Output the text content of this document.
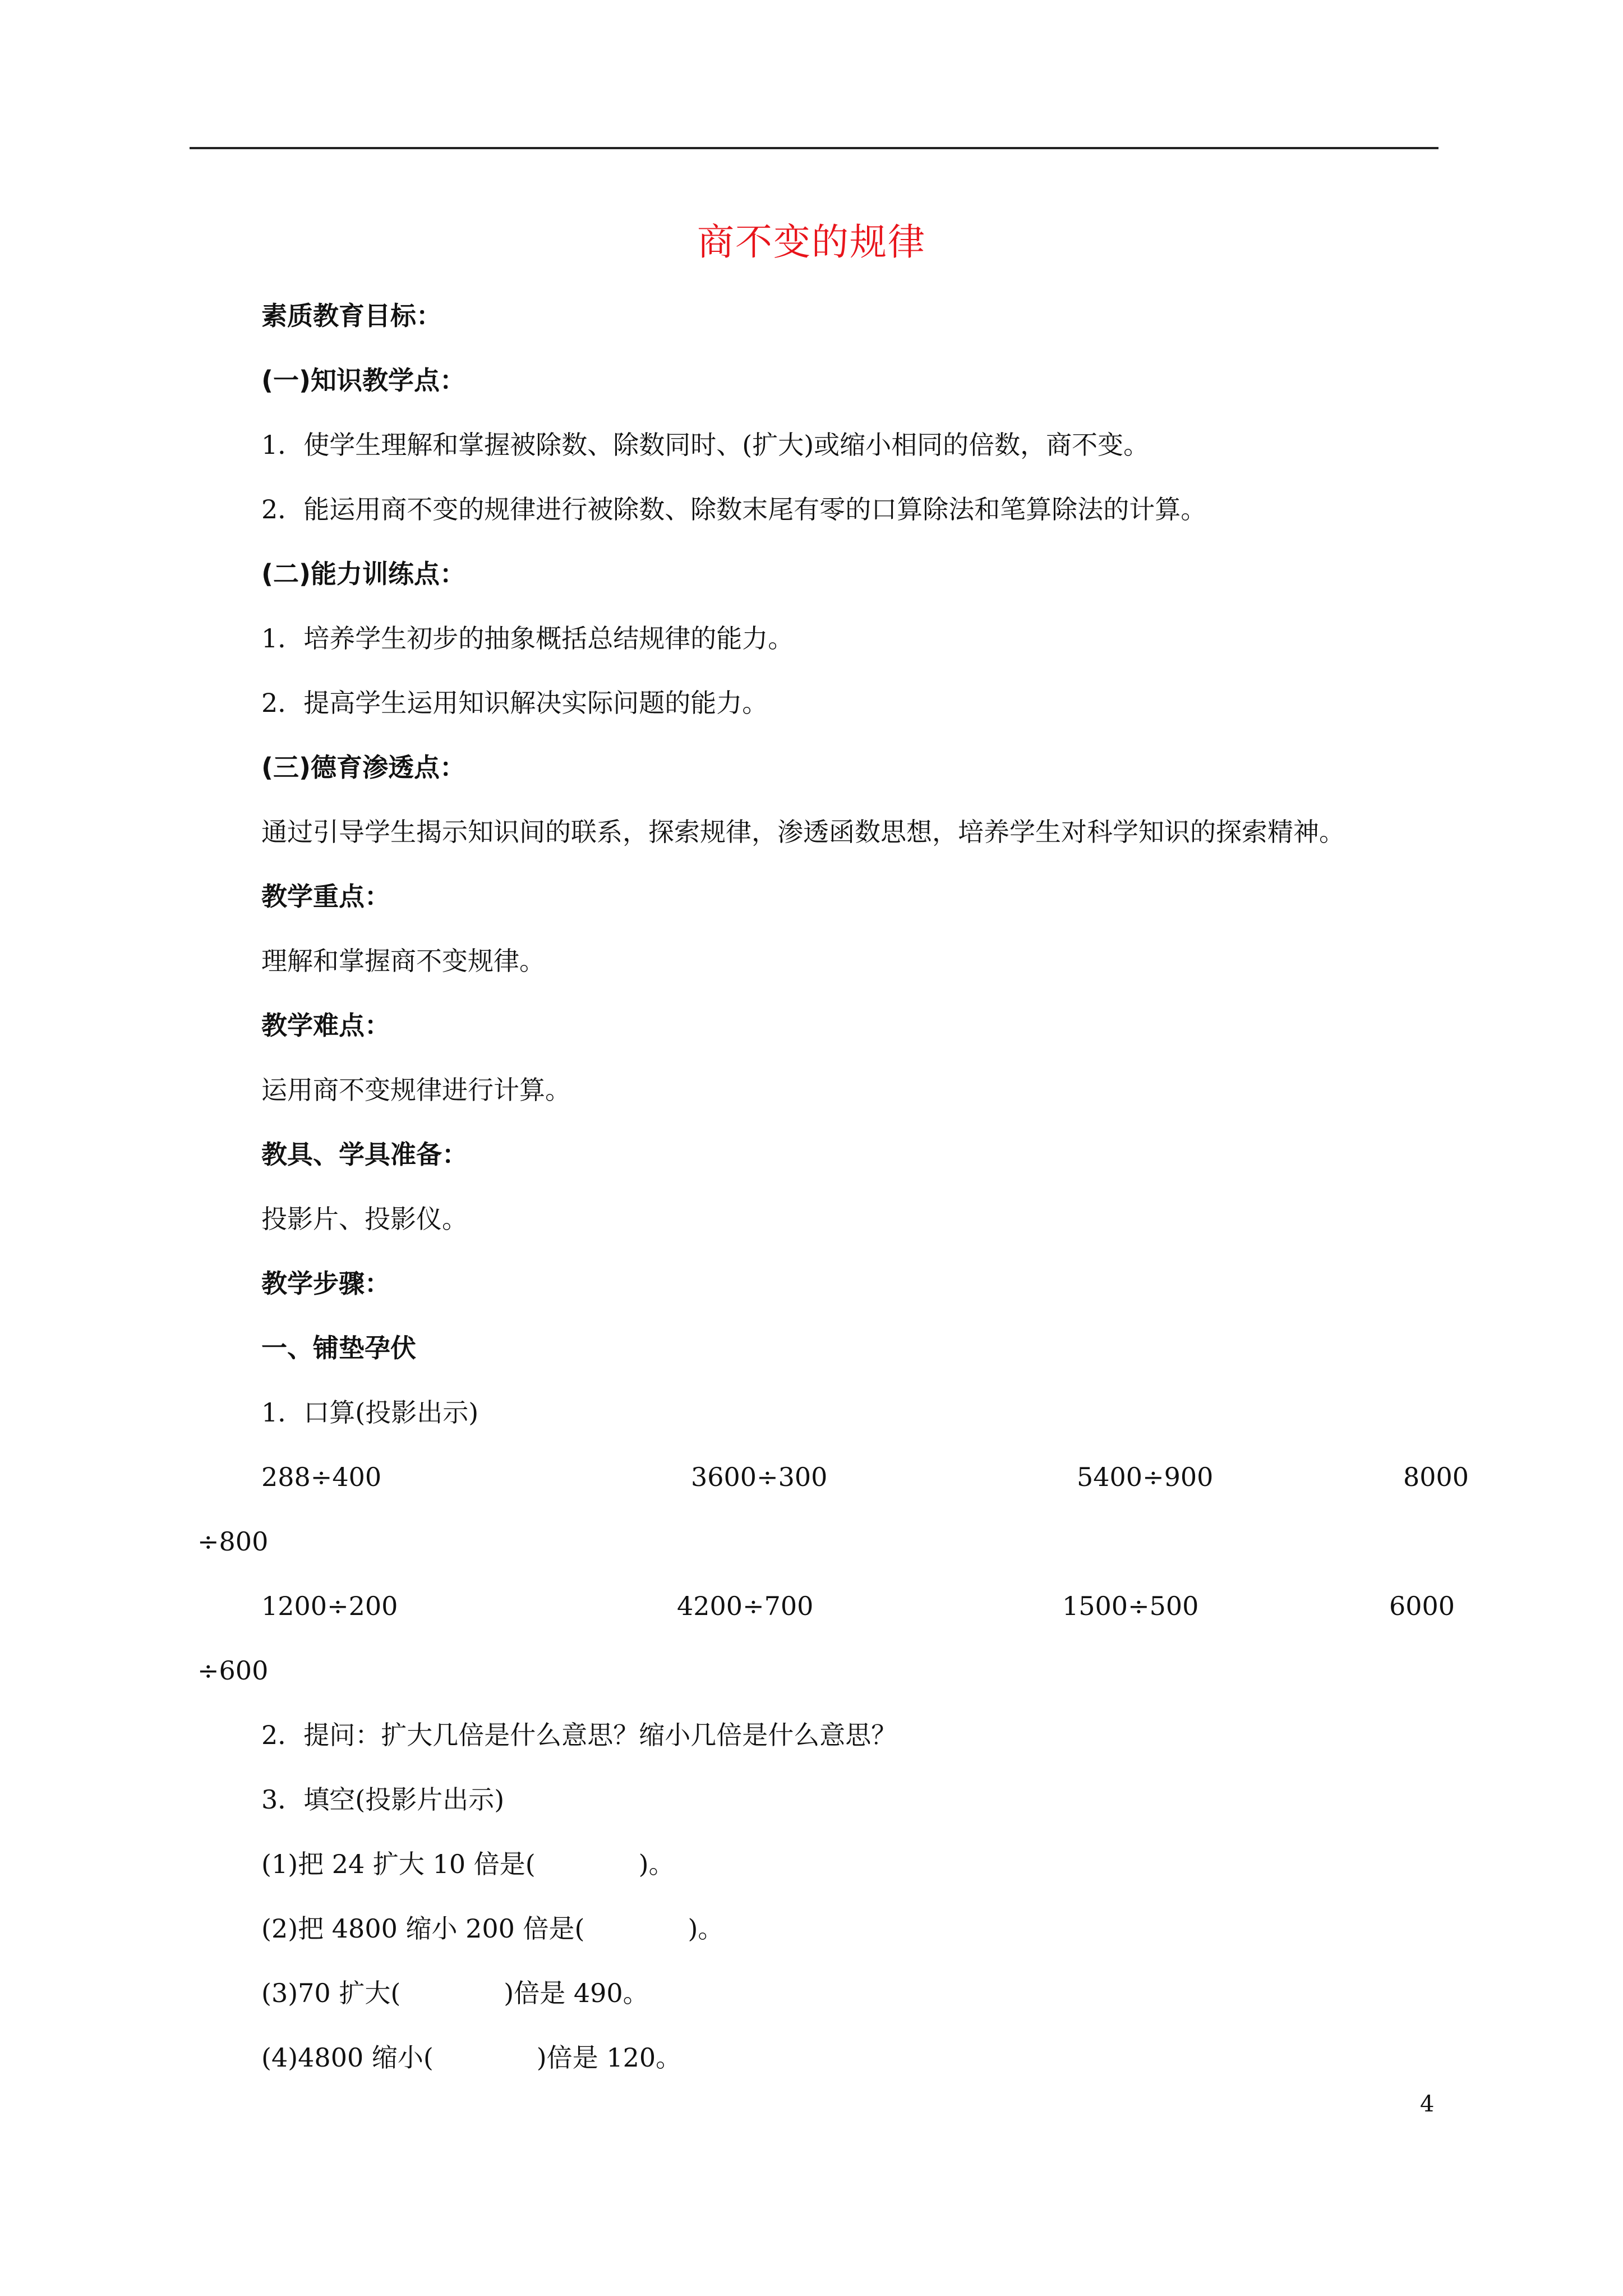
商不变的规律
素质教育目标：
(一)知识教学点：
1．使学生理解和掌握被除数、除数同时、(扩大)或缩小相同的倍数，商不变。
2．能运用商不变的规律进行被除数、除数末尾有零的口算除法和笔算除法的计算。
(二)能力训练点：
1．培养学生初步的抽象概括总结规律的能力。
2．提高学生运用知识解决实际问题的能力。
(三)德育渗透点：
通过引导学生揭示知识间的联系，探索规律，渗透函数思想，培养学生对科学知识的探索精神。
教学重点：
理解和掌握商不变规律。
教学难点：
运用商不变规律进行计算。
教具、学具准备：
投影片、投影仪。
教学步骤：
一、铺垫孕伏
1．口算(投影出示)
288÷400	3600÷300	5400÷900	8000
÷800
1200÷200	4200÷700	1500÷500	6000
÷600
2．提问：扩大几倍是什么意思？缩小几倍是什么意思？
3．填空(投影片出示)
(1)把 24 扩大 10 倍是(　　　　)。
(2)把 4800 缩小 200 倍是(　　　　)。
(3)70 扩大(　　　　)倍是 490。
(4)4800 缩小(　　　　)倍是 120。
4
